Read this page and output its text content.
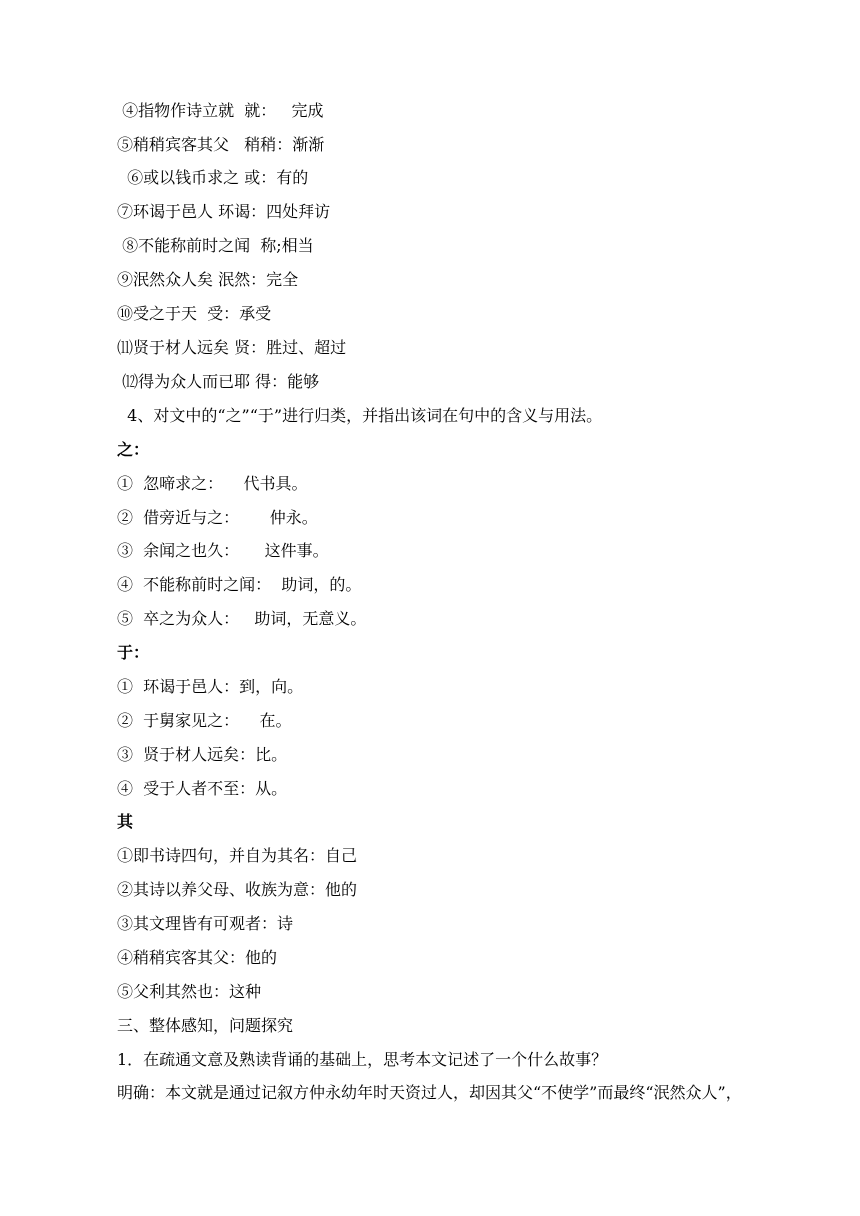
④指物作诗立就  就：   完成
⑤稍稍宾客其父   稍稍：渐渐
⑥或以钱币求之 或：有的
⑦环谒于邑人 环谒：四处拜访
⑧不能称前时之闻  称;相当
⑨泯然众人矣 泯然：完全
⑩受之于天  受：承受
⑾贤于材人远矣 贤：胜过、超过
⑿得为众人而已耶 得：能够
4、对文中的“之”“于”进行归类，并指出该词在句中的含义与用法。
之：
①  忽啼求之：    代书具。
②  借旁近与之：      仲永。
③  余闻之也久：     这件事。
④  不能称前时之闻：  助词，的。
⑤  卒之为众人：   助词，无意义。
于：
①  环谒于邑人：到，向。
②  于舅家见之：    在。
③  贤于材人远矣：比。
④  受于人者不至：从。
其
①即书诗四句，并自为其名：自己
②其诗以养父母、收族为意：他的
③其文理皆有可观者：诗
④稍稍宾客其父：他的
⑤父利其然也：这种
三、整体感知，问题探究
1．在疏通文意及熟读背诵的基础上，思考本文记述了一个什么故事？
明确：本文就是通过记叙方仲永幼年时天资过人，却因其父“不使学”而最终“泯然众人”，
